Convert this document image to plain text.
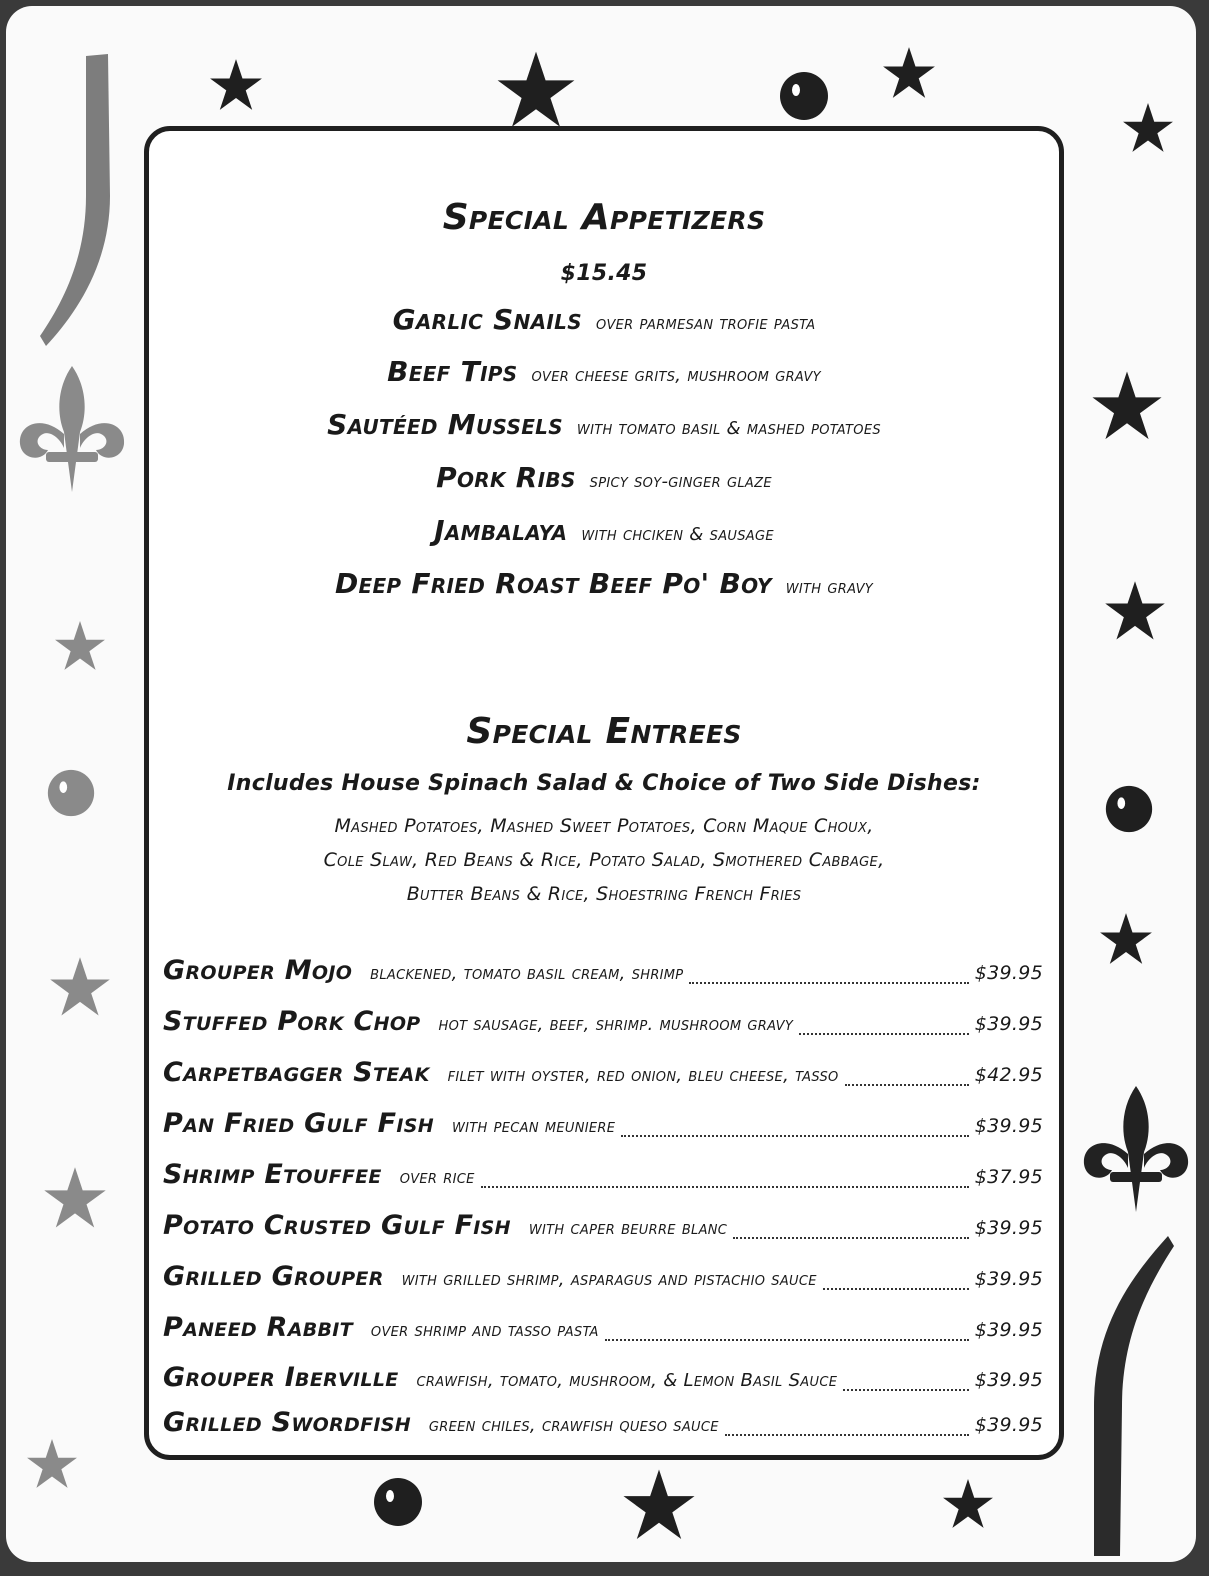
Special Appetizers
$15.45
Garlic Snails over parmesan trofie pasta
Beef Tips over cheese grits, mushroom gravy
Sautéed Mussels with tomato basil & mashed potatoes
Pork Ribs spicy soy-ginger glaze
Jambalaya with chciken & sausage
Deep Fried Roast Beef Po' Boy with gravy
Special Entrees
Includes House Spinach Salad & Choice of Two Side Dishes:
Mashed Potatoes, Mashed Sweet Potatoes, Corn Maque Choux,
Cole Slaw, Red Beans & Rice, Potato Salad, Smothered Cabbage,
Butter Beans & Rice, Shoestring French Fries
Grouper Mojo blackened, tomato basil cream, shrimp	$39.95
Stuffed Pork Chop hot sausage, beef, shrimp. mushroom gravy	$39.95
Carpetbagger Steak filet with oyster, red onion, bleu cheese, tasso	$42.95
Pan Fried Gulf Fish with pecan meuniere	$39.95
Shrimp Etouffee over rice	$37.95
Potato Crusted Gulf Fish with caper beurre blanc	$39.95
Grilled Grouper with grilled shrimp, asparagus and pistachio sauce	$39.95
Paneed Rabbit over shrimp and tasso pasta	$39.95
Grouper Iberville crawfish, tomato, mushroom, & Lemon Basil Sauce	$39.95
Grilled Swordfish green chiles, crawfish queso sauce	$39.95
